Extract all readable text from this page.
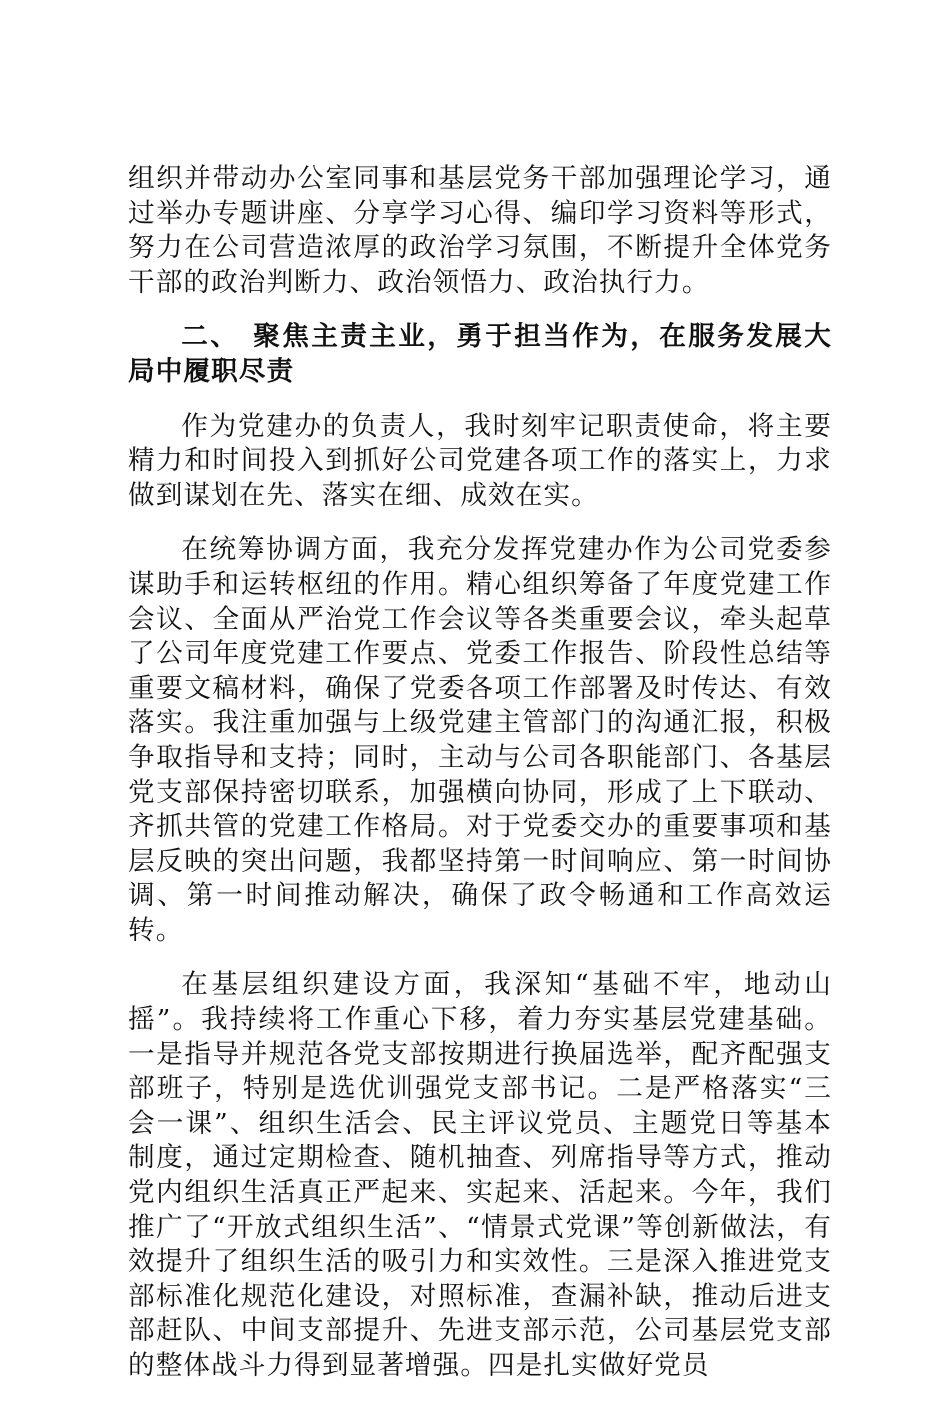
组织并带动办公室同事和基层党务干部加强理论学习，通过举办专题讲座、分享学习心得、编印学习资料等形式，努力在公司营造浓厚的政治学习氛围，不断提升全体党务干部的政治判断力、政治领悟力、政治执行力。

二、 聚焦主责主业，勇于担当作为，在服务发展大局中履职尽责

作为党建办的负责人，我时刻牢记职责使命，将主要精力和时间投入到抓好公司党建各项工作的落实上，力求做到谋划在先、落实在细、成效在实。

在统筹协调方面，我充分发挥党建办作为公司党委参谋助手和运转枢纽的作用。精心组织筹备了年度党建工作会议、全面从严治党工作会议等各类重要会议，牵头起草了公司年度党建工作要点、党委工作报告、阶段性总结等重要文稿材料，确保了党委各项工作部署及时传达、有效落实。我注重加强与上级党建主管部门的沟通汇报，积极争取指导和支持；同时，主动与公司各职能部门、各基层党支部保持密切联系，加强横向协同，形成了上下联动、齐抓共管的党建工作格局。对于党委交办的重要事项和基层反映的突出问题，我都坚持第一时间响应、第一时间协调、第一时间推动解决，确保了政令畅通和工作高效运转。

在基层组织建设方面，我深知“基础不牢，地动山摇”。我持续将工作重心下移，着力夯实基层党建基础。一是指导并规范各党支部按期进行换届选举，配齐配强支部班子，特别是选优训强党支部书记。二是严格落实“三会一课”、组织生活会、民主评议党员、主题党日等基本制度，通过定期检查、随机抽查、列席指导等方式，推动党内组织生活真正严起来、实起来、活起来。今年，我们推广了“开放式组织生活”、“情景式党课”等创新做法，有效提升了组织生活的吸引力和实效性。三是深入推进党支部标准化规范化建设，对照标准，查漏补缺，推动后进支部赶队、中间支部提升、先进支部示范，公司基层党支部的整体战斗力得到显著增强。四是扎实做好党员
